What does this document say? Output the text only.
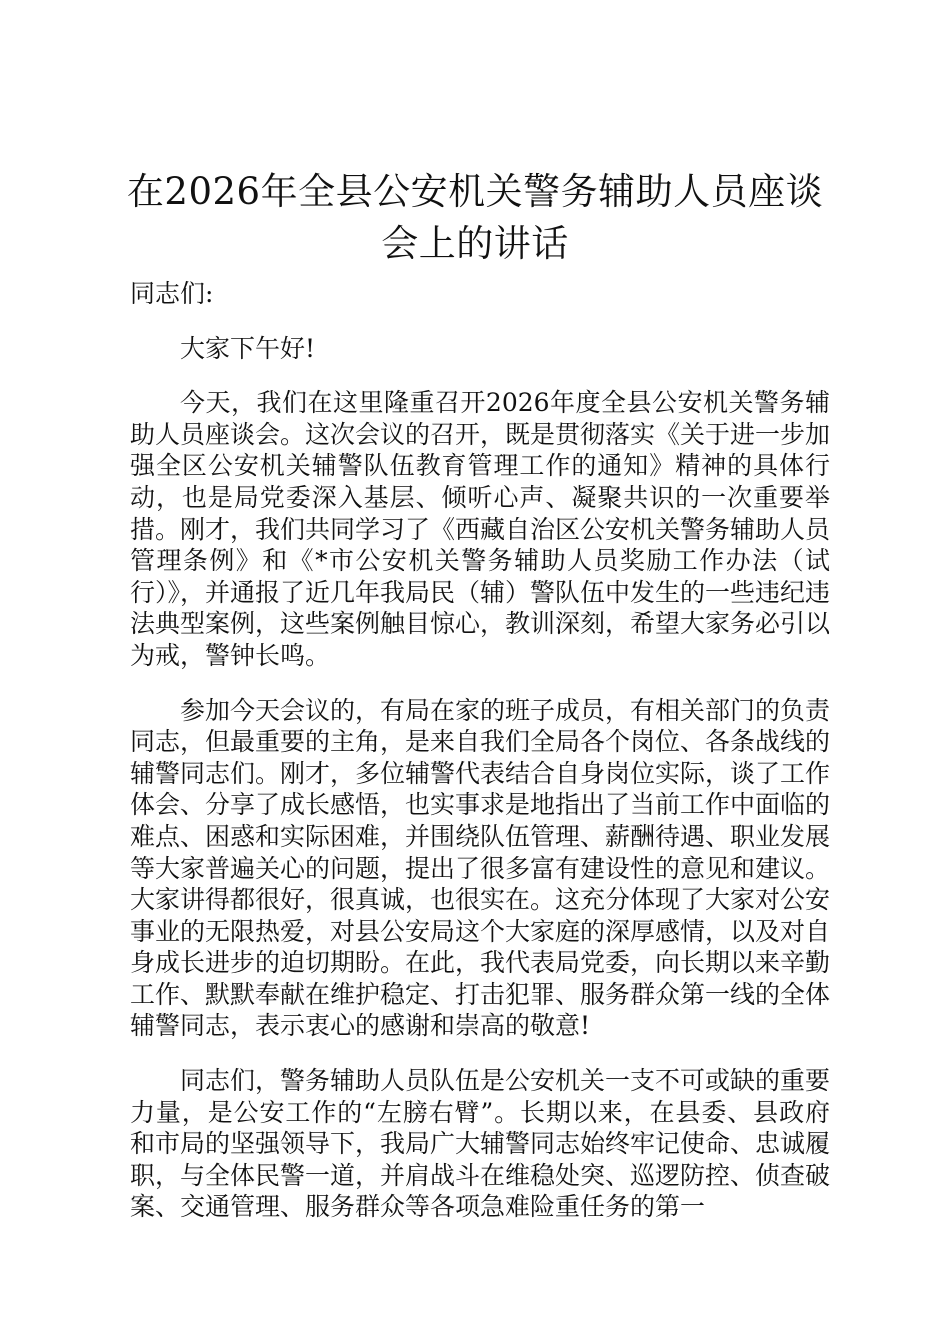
在2026年全县公安机关警务辅助人员座谈会上的讲话

同志们:

大家下午好!

今天，我们在这里隆重召开2026年度全县公安机关警务辅助人员座谈会。这次会议的召开，既是贯彻落实《关于进一步加强全区公安机关辅警队伍教育管理工作的通知》精神的具体行动，也是局党委深入基层、倾听心声、凝聚共识的一次重要举措。刚才，我们共同学习了《西藏自治区公安机关警务辅助人员管理条例》和《*市公安机关警务辅助人员奖励工作办法（试行）》，并通报了近几年我局民（辅）警队伍中发生的一些违纪违法典型案例，这些案例触目惊心，教训深刻，希望大家务必引以为戒，警钟长鸣。

参加今天会议的，有局在家的班子成员，有相关部门的负责同志，但最重要的主角，是来自我们全局各个岗位、各条战线的辅警同志们。刚才，多位辅警代表结合自身岗位实际，谈了工作体会、分享了成长感悟，也实事求是地指出了当前工作中面临的难点、困惑和实际困难，并围绕队伍管理、薪酬待遇、职业发展等大家普遍关心的问题，提出了很多富有建设性的意见和建议。大家讲得都很好，很真诚，也很实在。这充分体现了大家对公安事业的无限热爱，对县公安局这个大家庭的深厚感情，以及对自身成长进步的迫切期盼。在此，我代表局党委，向长期以来辛勤工作、默默奉献在维护稳定、打击犯罪、服务群众第一线的全体辅警同志，表示衷心的感谢和崇高的敬意!

同志们，警务辅助人员队伍是公安机关一支不可或缺的重要力量，是公安工作的“左膀右臂”。长期以来，在县委、县政府和市局的坚强领导下，我局广大辅警同志始终牢记使命、忠诚履职，与全体民警一道，并肩战斗在维稳处突、巡逻防控、侦查破案、交通管理、服务群众等各项急难险重任务的第一
